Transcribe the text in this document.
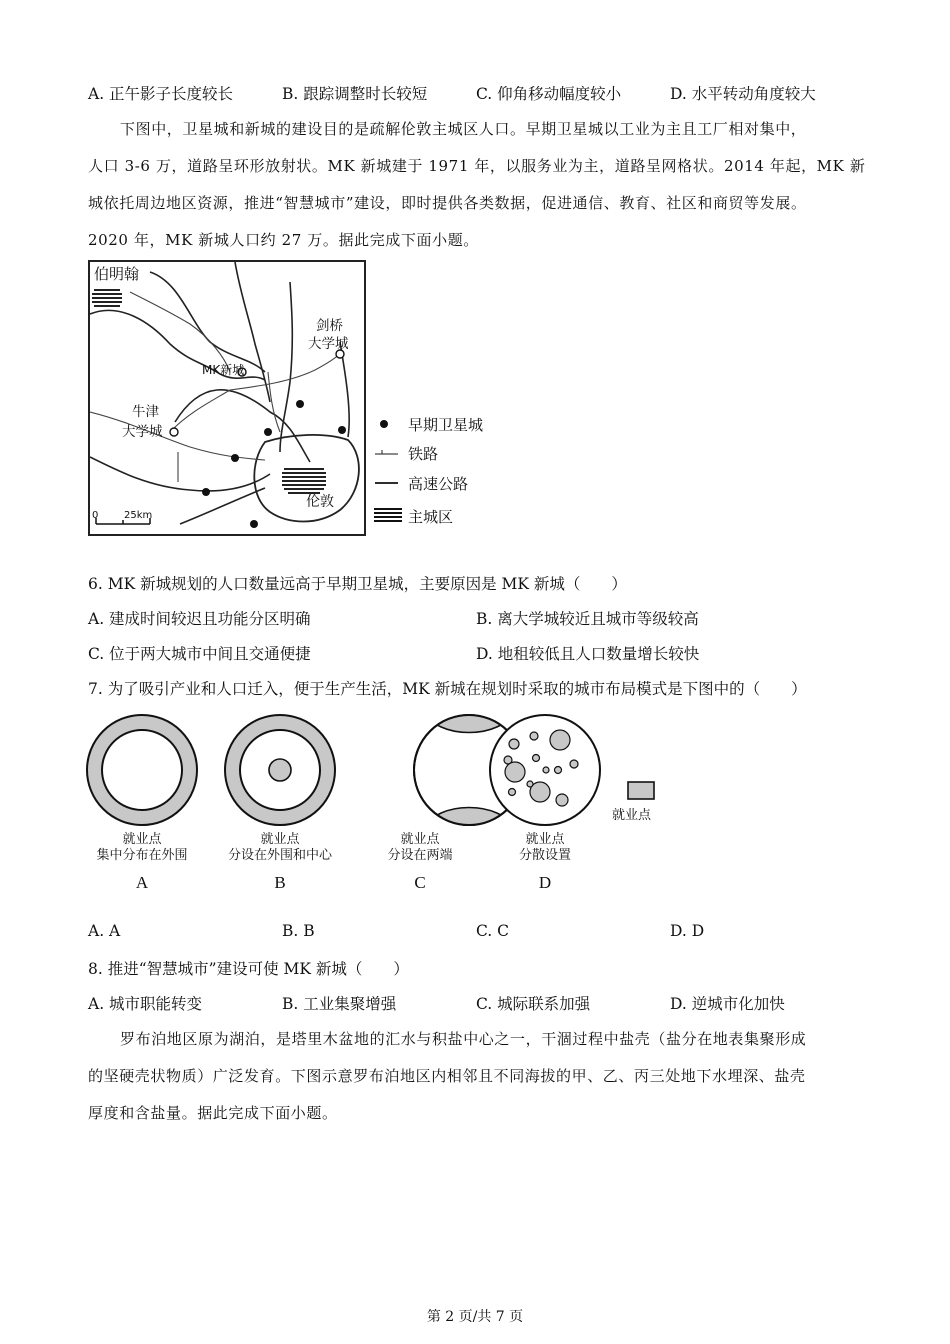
A. 正午影子长度较长	B. 跟踪调整时长较短	C. 仰角移动幅度较小	D. 水平转动角度较大
下图中，卫星城和新城的建设目的是疏解伦敦主城区人口。早期卫星城以工业为主且工厂相对集中，
人口 3-6 万，道路呈环形放射状。MK 新城建于 1971 年，以服务业为主，道路呈网格状。2014 年起，MK 新
城依托周边地区资源，推进“智慧城市”建设，即时提供各类数据，促进通信、教育、社区和商贸等发展。
2020 年，MK 新城人口约 27 万。据此完成下面小题。
伯明翰
剑桥
大学城
MK新城
牛津
大学城
伦敦
0	25km
早期卫星城
铁路
高速公路
主城区
6. MK 新城规划的人口数量远高于早期卫星城，主要原因是 MK 新城（　　）
A. 建成时间较迟且功能分区明确	B. 离大学城较近且城市等级较高
C. 位于两大城市中间且交通便捷	D. 地租较低且人口数量增长较快
7. 为了吸引产业和人口迁入，便于生产生活，MK 新城在规划时采取的城市布局模式是下图中的（　　）
就业点
就业点
集中分布在外围
A
就业点
分设在外围和中心
B
就业点
分设在两端
C
就业点
分散设置
D
A. A	B. B	C. C	D. D
8. 推进“智慧城市”建设可使 MK 新城（　　）
A. 城市职能转变	B. 工业集聚增强	C. 城际联系加强	D. 逆城市化加快
罗布泊地区原为湖泊，是塔里木盆地的汇水与积盐中心之一，干涸过程中盐壳（盐分在地表集聚形成
的坚硬壳状物质）广泛发育。下图示意罗布泊地区内相邻且不同海拔的甲、乙、丙三处地下水埋深、盐壳
厚度和含盐量。据此完成下面小题。
第 2 页/共 7 页
